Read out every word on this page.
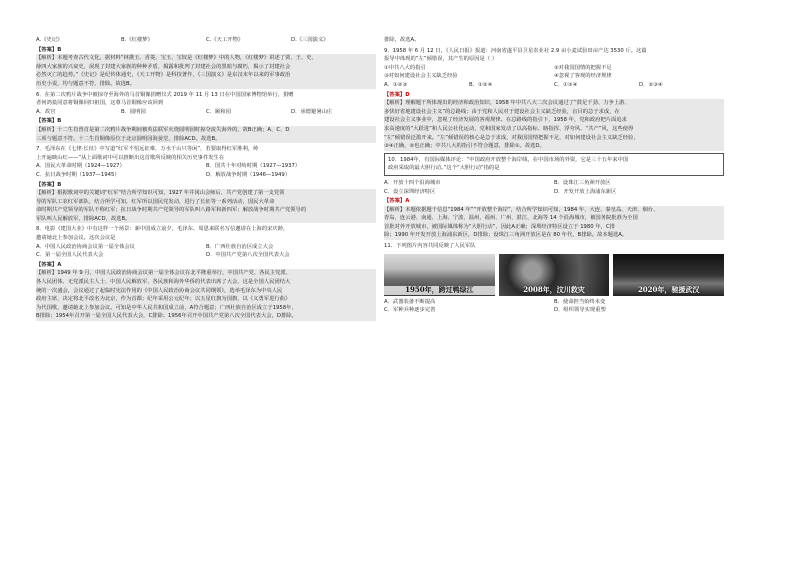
A.《史记》	B.《红楼梦》	C.《天工开物》	D.《三国演义》
【答案】B
【解析】本题考查古代文化，据材料“林黛玉、香菱、宝玉、宝钗是《红楼梦》中的人物，《红楼梦》讲述了贾、王、史、
薛四大家族的兴衰史，展现了封建大家族的种种矛盾，揭露和批判了封建社会的黑暗与腐朽，揭示了封建社会
必然灭亡的趋势。”《史记》是纪传体通史，《天工开物》是科技著作，《三国演义》是东汉末年以来的军事政治
历史小说，均与题意不符，排除。故选B。
6．在第二次鸦片战争中被掠夺至海外的马首铜像捐赠仪式 2019 年 11 月 13 日在中国国家博物馆举行，捐赠
者何鸿燊同意将铜像回归祖国，这尊马首铜像应该回到
A．故宫	B．圆明园	C．颐和园	D．承德避暑山庄
【答案】B
【解析】十二生肖兽首是第二次鸦片战争期间被英法联军火烧圆明园时掠夺流失海外的，故B正确；A、C、D
三项与题意不符。十二生肖铜像原位于北京圆明园海晏堂，排除ACD。故选B。
7．毛泽东在《七律·长征》中写道“红军不怕远征难，万水千山只等闲”，若要取得红军胜利，岭
上开遍映山红——”从上面歌词中可以推断出这首歌所反映的相关历史事件发生在
A．国民大革命时期（1924—1927）	B．国共十年对峙时期（1927—1937）
C．抗日战争时期（1937—1945）	D．解放战争时期（1946—1949）
【答案】B
【解析】根据歌词中的关键词“红军”结合所学知识可知，1927 年井冈山会师后，共产党创建了第一支党领
导的军队工农红军部队，结合所学可知，红军所以国民党发动，进行了长征等一系列活动，国民大革命
命时期共产党领导的军队不称红军；抗日战争时期共产党领导的军队叫八路军和新四军；解放战争时期共产党领导的
军队叫人民解放军，排除ACD，故选B。
8．电影《建国大业》中有这样一个场景：新中国成立前夕，毛泽东、周恩来联名写信邀请在上海的宋庆龄，
邀请她北上参加会议。这次会议是
A．中国人民政治协商会议第一届全体会议	B．广西壮族自治区成立大会
C．第一届全国人民代表大会	D．中国共产党第八次全国代表大会
【答案】A
【解析】1949 年 9 月，中国人民政治协商会议第一届全体会议在北平隆重举行，中国共产党、各民主党派、
各人民团体、无党派民主人士、中国人民解放军、各民族和海外华侨的代表出席了大会，这是全国人民团结大
统的一次盛会，会议通过了起临时宪法作用的《中国人民政治协商会议共同纲领》，选举毛泽东为中央人民
政府主席，决定将北平改名为北京，作为首都；纪年采用公元纪年；以五星红旗为国旗，以《义勇军进行曲》
为代国歌，邀请她北上参加会议。可知是中华人民共和国成立前，A符合题意；广西壮族自治区成立于1958年，
B排除；1954年召开第一届全国人民代表大会，C排除；1956年召开中国共产党第八次全国代表大会，D排除。
排除，故选A。
9．1958 年 6 月 12 日，《人民日报》报道：河南省遂平县卫星农业社 2.9 亩小麦试验田亩产达 3530 斤。这篇
报导中体现的“左”倾错误，其产生的原因是（ ）
①中共八大的指引	②对我国国情的把握不足
③对如何建设社会主义缺乏经验	④忽视了客观的经济规律
A．①②③	B．①②④	C．①③④	D．②③④
【答案】D
【解析】理解题干所体现出的经济和政治知识，1958 年中共八大二次会议通过了“鼓足干劲、力争上游、
多快好省地建设社会主义”的总路线；由于党和人民对于建设社会主义缺乏经验，盲目的急于求成，在
建设社会主义事业中，忽视了经济发展的客观规律。在总路线的指引下，1958 年，党和政府把片面追求
求高速度的“大跃进”和人民公社化运动，党和国家发动了以高指标、瞎指挥、浮夸风、“共产”风，这些使得
“左”倾错误泛滥开来。“左”倾错误的核心是急于求成，对我国国情把握不足，对如何建设社会主义缺乏经验，
③④正确，②也正确；中共八大的指引不符合题意，排除①。故选D。
10．1984年，有国际媒体评论：“中国政府开放整个海岸线，在中国市场的外资，它是三十五年来中国
政府采取的最大胆行动。”这个“大胆行动”指的是
A．开放十四个沿海城市	B．设珠江三角洲开放区
C．设立深圳经济特区	D．开发开放上海浦东新区
【答案】A
【解析】本题依据题干信息“1984 年”“开放整个海岸”，结合所学知识可知，1984 年，大连、秦皇岛、天津、烟台、
青岛、连云港、南通、上海、宁波、温州、福州、广州、湛江、北海等 14 个沿海城市，被国务院批准为全国
首批对外开放城市，被国际媒体称为“大胆行动”，因此A正确；深圳经济特区设立于 1980 年，C排
除；1990 年开发开放上海浦东新区，D排除；设珠江三角洲开放区是在 80 年代，B排除。故本题选A。
11．下列图片内容共同反映了人民军队
1950年，跨过鸭绿江	2008年，汶川救灾	2020年，驰援武汉
A．武器装备不断提高	B．使命担当始终未变
C．军种兵种逐步完善	D．组织领导实现重塑
